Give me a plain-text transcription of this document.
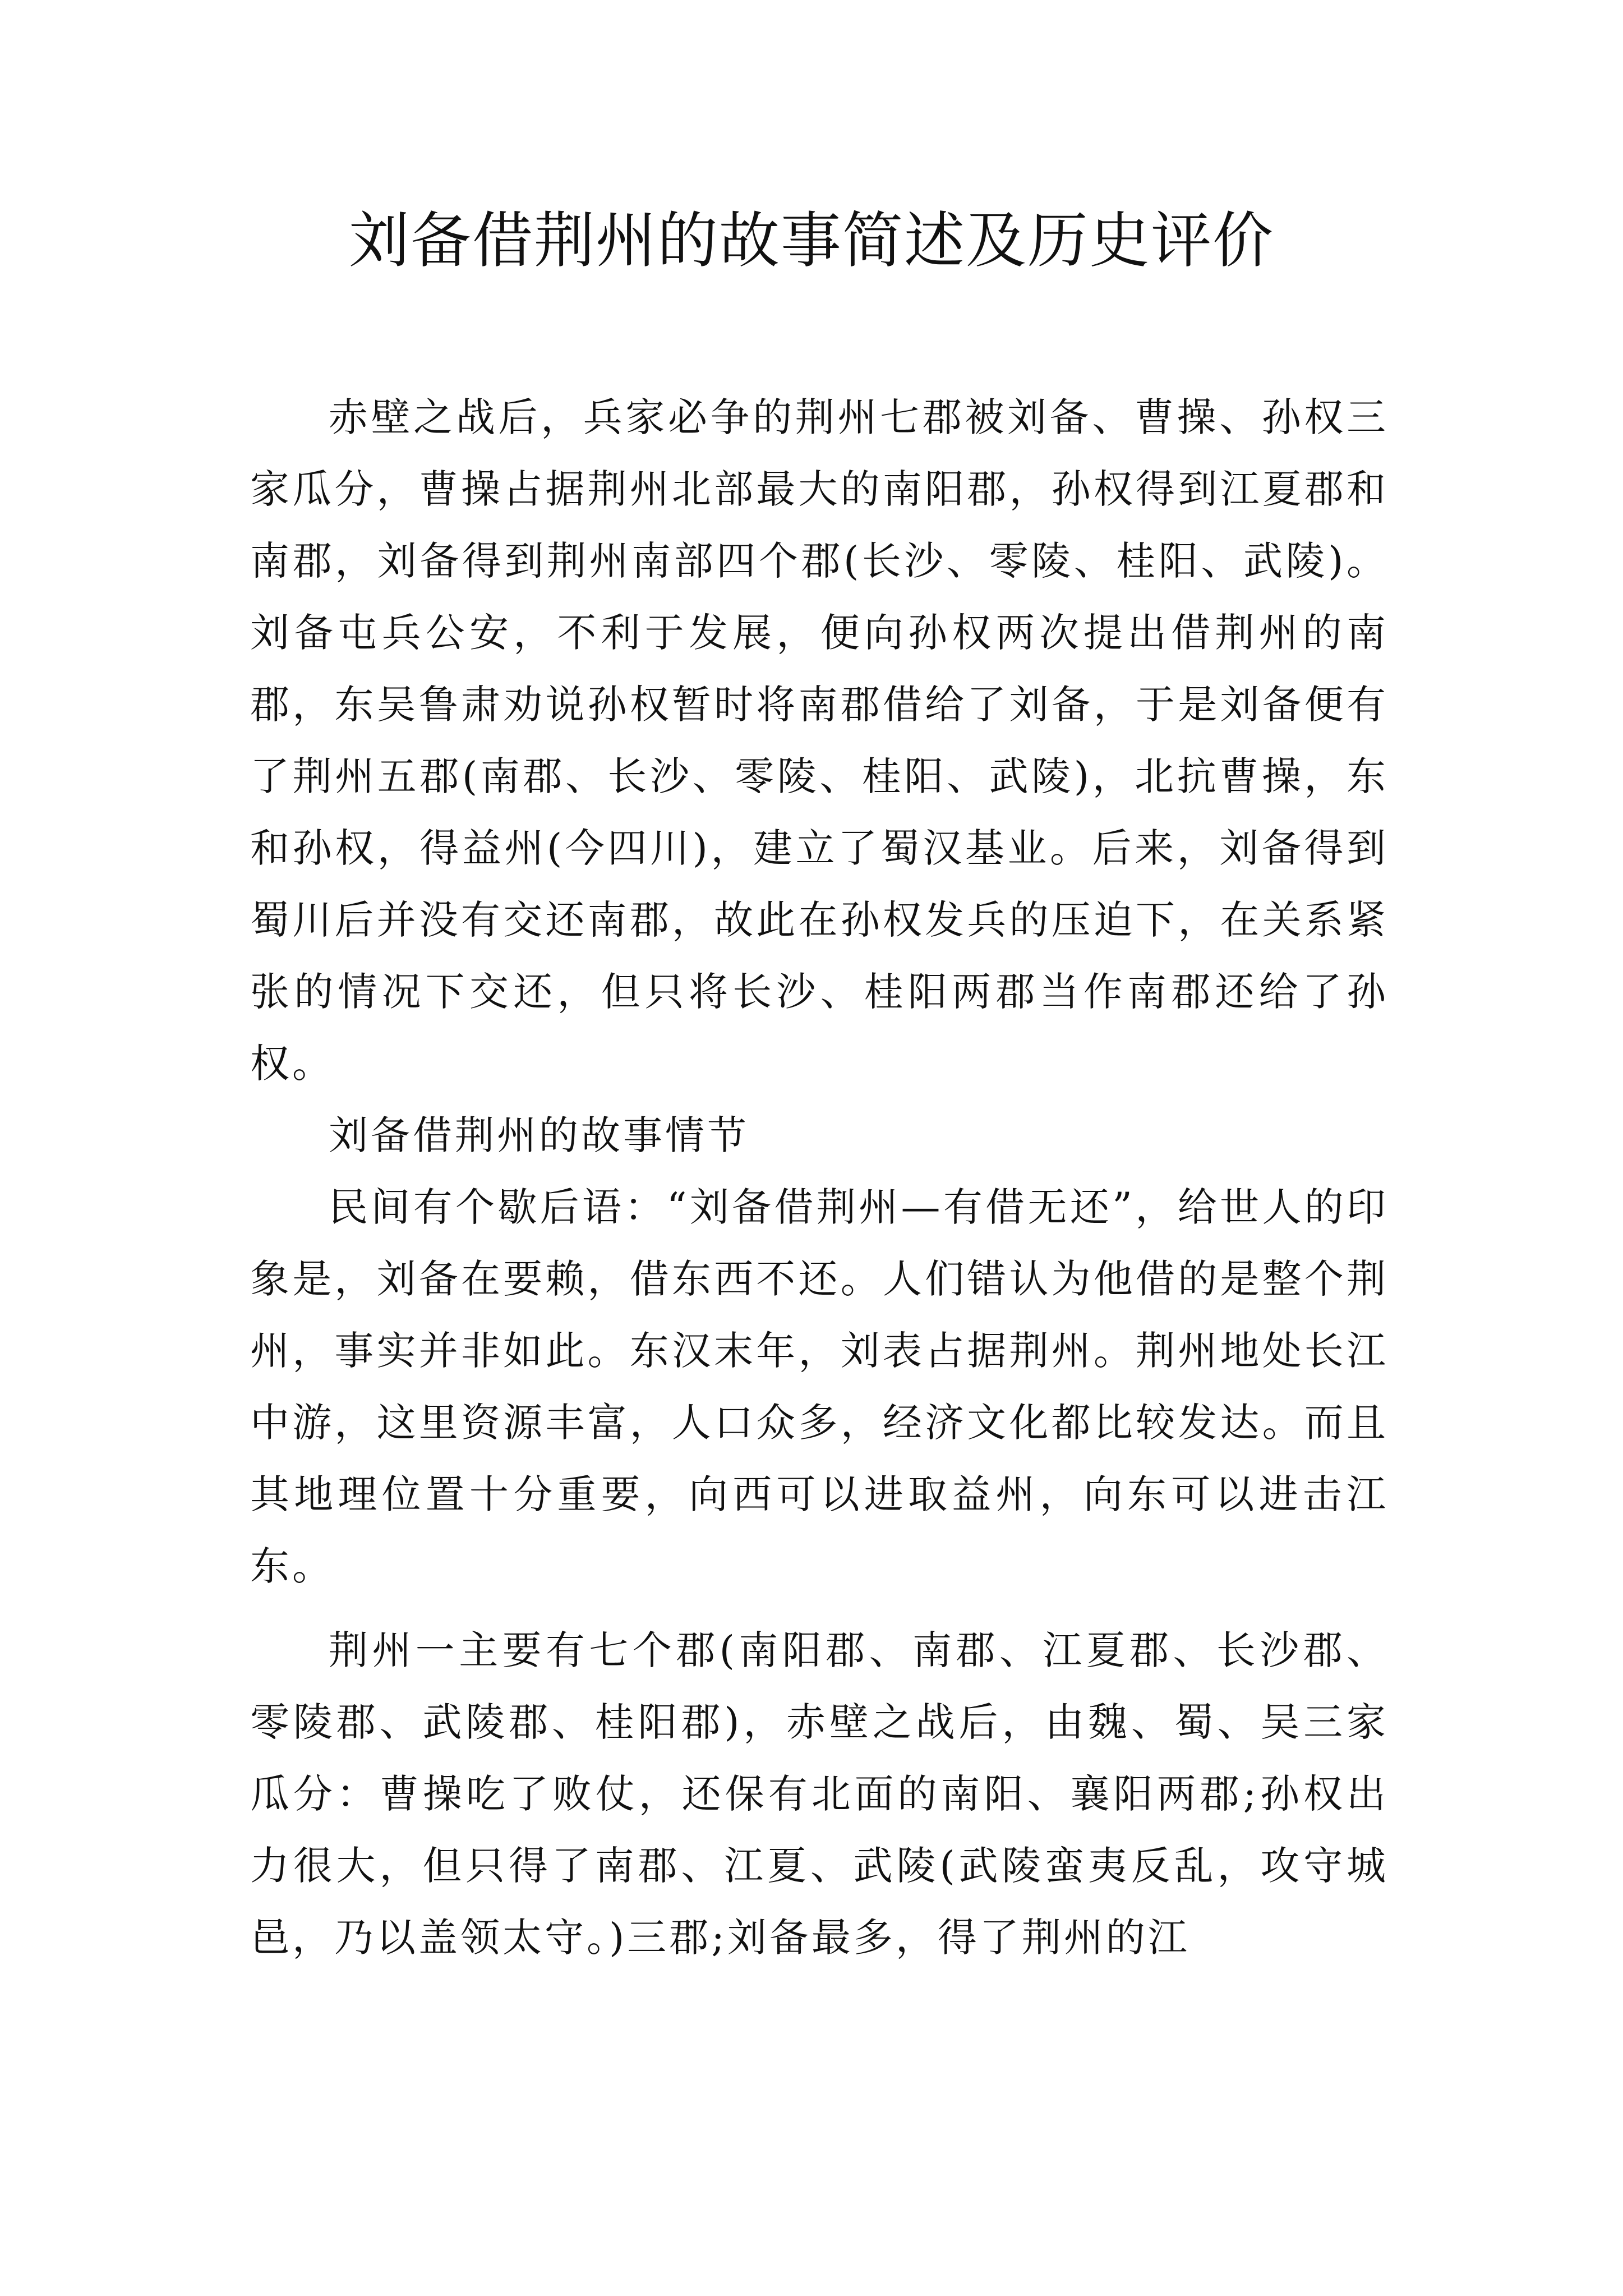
刘备借荆州的故事简述及历史评价

赤壁之战后，兵家必争的荆州七郡被刘备、曹操、孙权三家瓜分，曹操占据荆州北部最大的南阳郡，孙权得到江夏郡和南郡，刘备得到荆州南部四个郡(长沙、零陵、桂阳、武陵)。刘备屯兵公安，不利于发展，便向孙权两次提出借荆州的南郡，东吴鲁肃劝说孙权暂时将南郡借给了刘备，于是刘备便有了荆州五郡(南郡、长沙、零陵、桂阳、武陵)，北抗曹操，东和孙权，得益州(今四川)，建立了蜀汉基业。后来，刘备得到蜀川后并没有交还南郡，故此在孙权发兵的压迫下，在关系紧张的情况下交还，但只将长沙、桂阳两郡当作南郡还给了孙权。

刘备借荆州的故事情节

民间有个歇后语：“刘备借荆州—有借无还”，给世人的印象是，刘备在要赖，借东西不还。人们错认为他借的是整个荆州，事实并非如此。东汉末年，刘表占据荆州。荆州地处长江中游，这里资源丰富，人口众多，经济文化都比较发达。而且其地理位置十分重要，向西可以进取益州，向东可以进击江东。

荆州一主要有七个郡(南阳郡、南郡、江夏郡、长沙郡、零陵郡、武陵郡、桂阳郡)，赤壁之战后，由魏、蜀、吴三家瓜分：曹操吃了败仗，还保有北面的南阳、襄阳两郡;孙权出力很大，但只得了南郡、江夏、武陵(武陵蛮夷反乱，攻守城邑，乃以盖领太守。)三郡;刘备最多，得了荆州的江
